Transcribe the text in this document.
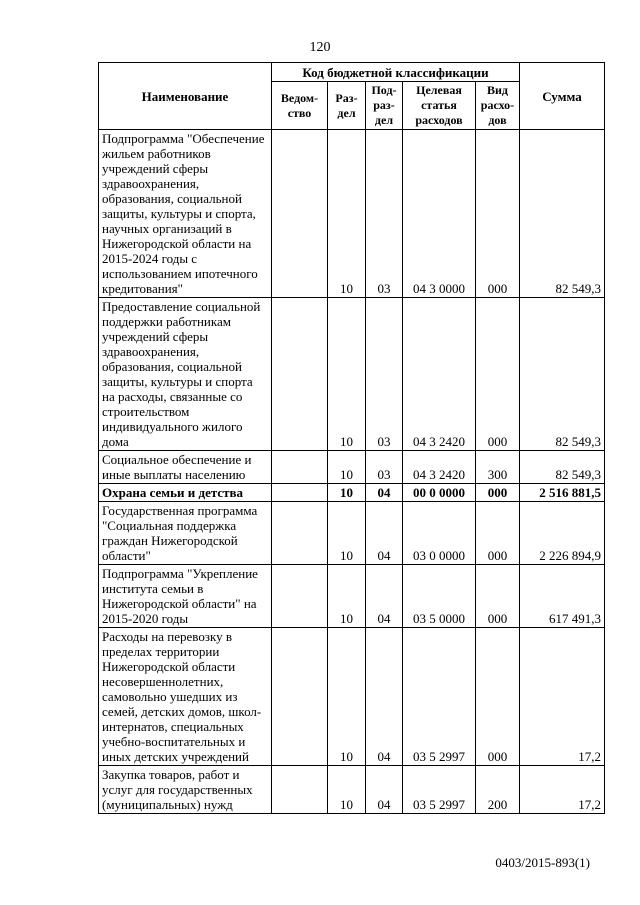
120
Наименование	Код бюджетной классификации					Сумма
	Ведом-ство	Раз-дел	Под-раз-дел	Целевая статья расходов	Вид расхо-дов	
Подпрограмма "Обеспечение жильем работников учреждений сферы здравоохранения, образования, социальной защиты, культуры и спорта, научных организаций в Нижегородской области на 2015-2024 годы с использованием ипотечного кредитования"		10	03	04 3 0000	000	82 549,3
Предоставление социальной поддержки работникам учреждений сферы здравоохранения, образования, социальной защиты, культуры и спорта на расходы, связанные со строительством индивидуального жилого дома		10	03	04 3 2420	000	82 549,3
Социальное обеспечение и иные выплаты населению		10	03	04 3 2420	300	82 549,3
Охрана семьи и детства		10	04	00 0 0000	000	2 516 881,5
Государственная программа "Социальная поддержка граждан Нижегородской области"		10	04	03 0 0000	000	2 226 894,9
Подпрограмма "Укрепление института семьи в Нижегородской области" на 2015-2020 годы		10	04	03 5 0000	000	617 491,3
Расходы на перевозку в пределах территории Нижегородской области несовершеннолетних, самовольно ушедших из семей, детских домов, школ-интернатов, специальных учебно-воспитательных и иных детских учреждений		10	04	03 5 2997	000	17,2
Закупка товаров, работ и услуг для государственных (муниципальных) нужд		10	04	03 5 2997	200	17,2
0403/2015-893(1)
